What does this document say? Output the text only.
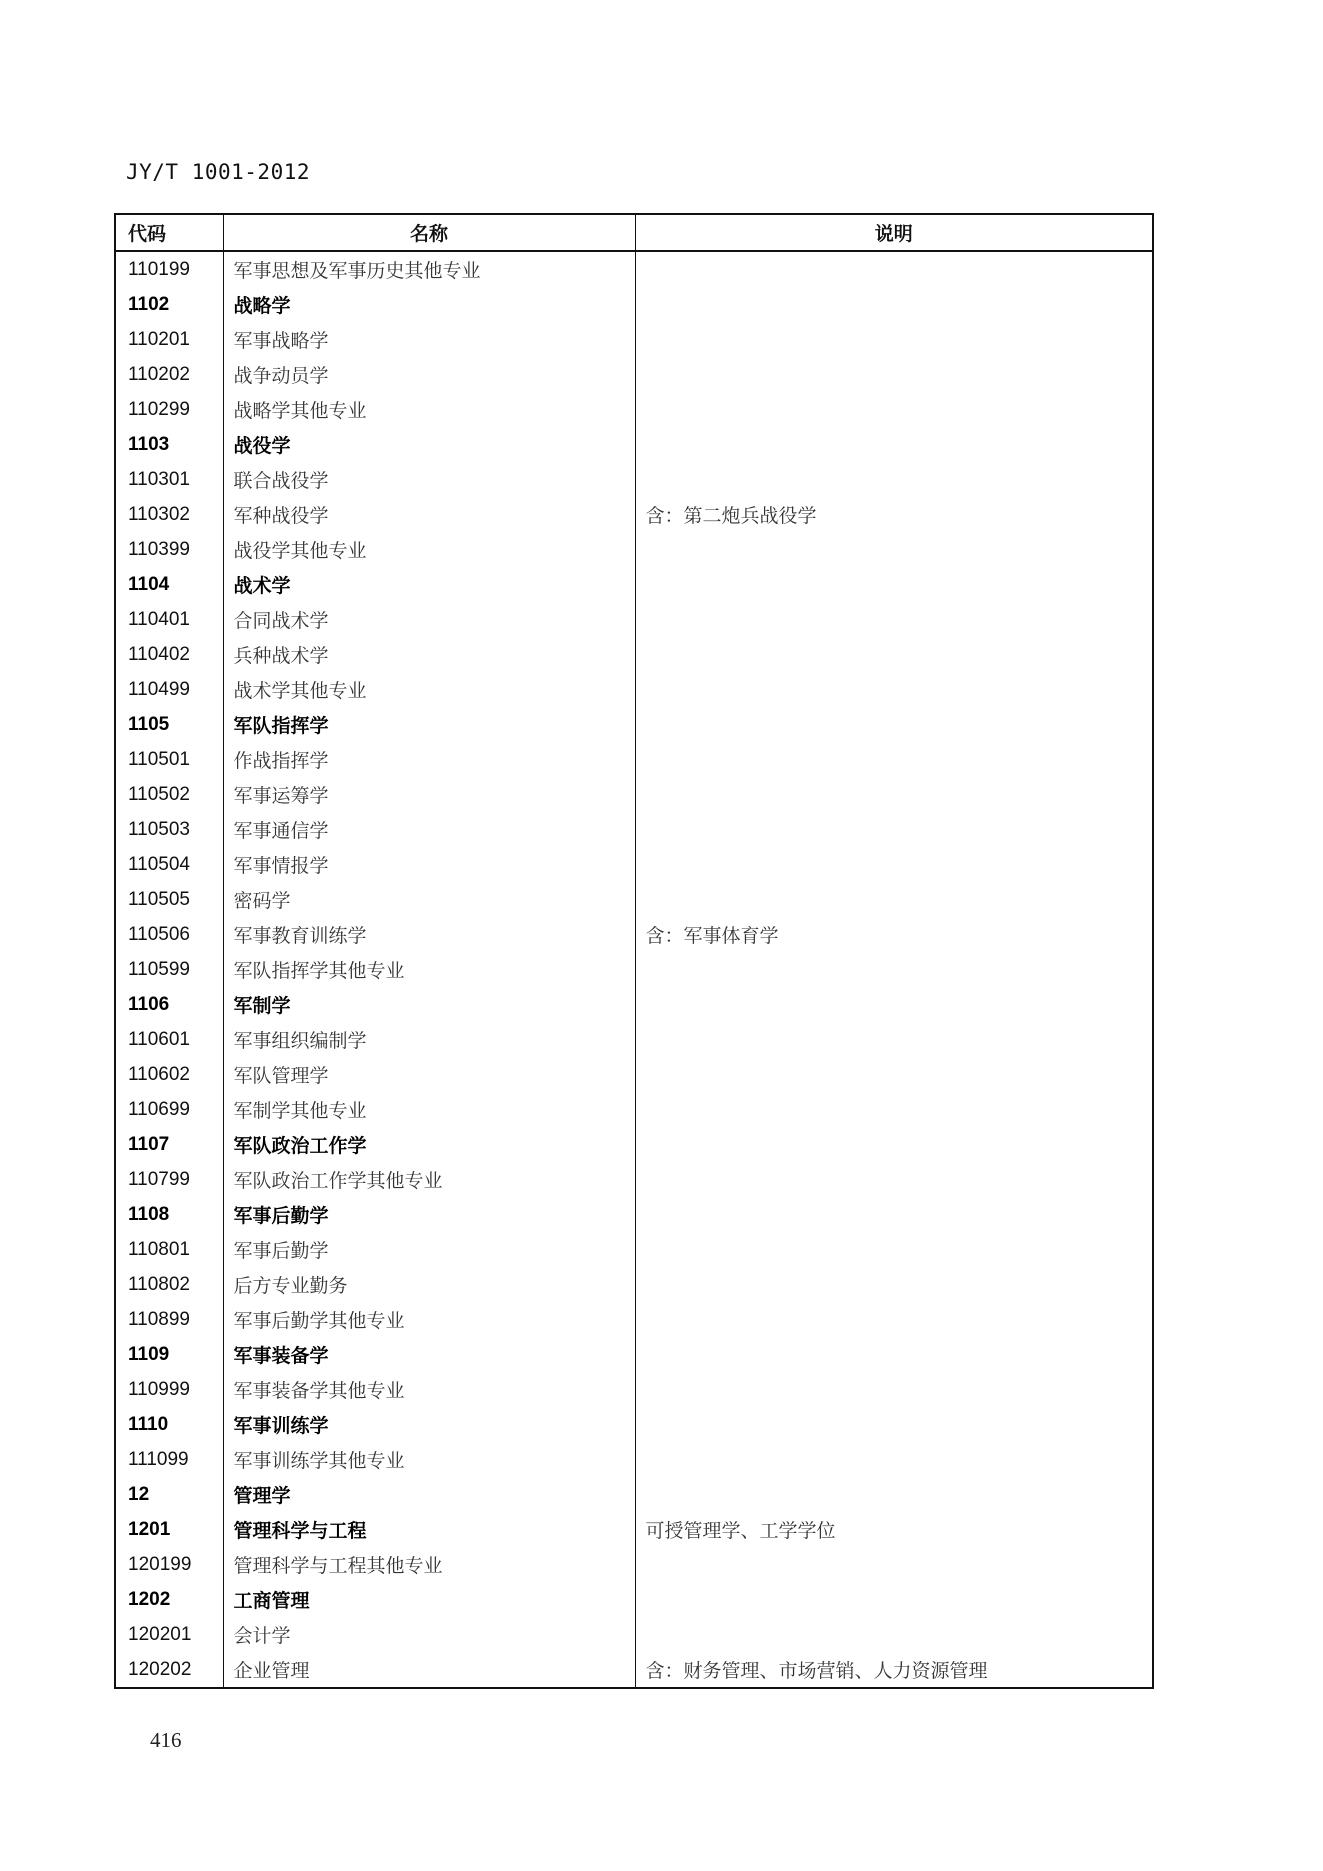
JY/T 1001-2012
代码	名称	说明
110199	军事思想及军事历史其他专业	
1102	战略学	
110201	军事战略学	
110202	战争动员学	
110299	战略学其他专业	
1103	战役学	
110301	联合战役学	
110302	军种战役学	含：第二炮兵战役学
110399	战役学其他专业	
1104	战术学	
110401	合同战术学	
110402	兵种战术学	
110499	战术学其他专业	
1105	军队指挥学	
110501	作战指挥学	
110502	军事运筹学	
110503	军事通信学	
110504	军事情报学	
110505	密码学	
110506	军事教育训练学	含：军事体育学
110599	军队指挥学其他专业	
1106	军制学	
110601	军事组织编制学	
110602	军队管理学	
110699	军制学其他专业	
1107	军队政治工作学	
110799	军队政治工作学其他专业	
1108	军事后勤学	
110801	军事后勤学	
110802	后方专业勤务	
110899	军事后勤学其他专业	
1109	军事装备学	
110999	军事装备学其他专业	
1110	军事训练学	
111099	军事训练学其他专业	
12	管理学	
1201	管理科学与工程	可授管理学、工学学位
120199	管理科学与工程其他专业	
1202	工商管理	
120201	会计学	
120202	企业管理	含：财务管理、市场营销、人力资源管理
416
